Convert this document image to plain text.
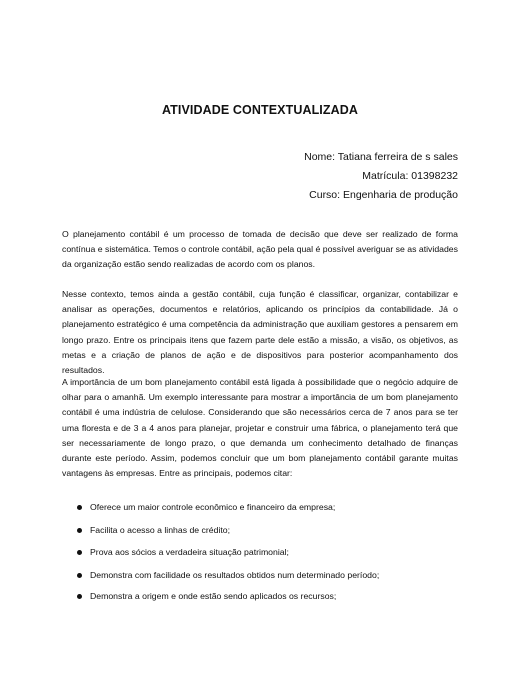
ATIVIDADE CONTEXTUALIZADA
Nome: Tatiana ferreira de s sales
Matrícula: 01398232
Curso: Engenharia de produção

O planejamento contábil é um processo de tomada de decisão que deve ser realizado de forma contínua e sistemática. Temos o controle contábil, ação pela qual é possível averiguar se as atividades da organização estão sendo realizadas de acordo com os planos.

Nesse contexto, temos ainda a gestão contábil, cuja função é classificar, organizar, contabilizar e analisar as operações, documentos e relatórios, aplicando os princípios da contabilidade. Já o planejamento estratégico é uma competência da administração que auxiliam gestores a pensarem em longo prazo. Entre os principais itens que fazem parte dele estão a missão, a visão, os objetivos, as metas e a criação de planos de ação e de dispositivos para posterior acompanhamento dos resultados.

A importância de um bom planejamento contábil está ligada à possibilidade que o negócio adquire de olhar para o amanhã. Um exemplo interessante para mostrar a importância de um bom planejamento contábil é uma indústria de celulose. Considerando que são necessários cerca de 7 anos para se ter uma floresta e de 3 a 4 anos para planejar, projetar e construir uma fábrica, o planejamento terá que ser necessariamente de longo prazo, o que demanda um conhecimento detalhado de finanças durante este período. Assim, podemos concluir que um bom planejamento contábil garante muitas vantagens às empresas. Entre as principais, podemos citar:

Oferece um maior controle econômico e financeiro da empresa;
Facilita o acesso a linhas de crédito;
Prova aos sócios a verdadeira situação patrimonial;
Demonstra com facilidade os resultados obtidos num determinado período;
Demonstra a origem e onde estão sendo aplicados os recursos;
